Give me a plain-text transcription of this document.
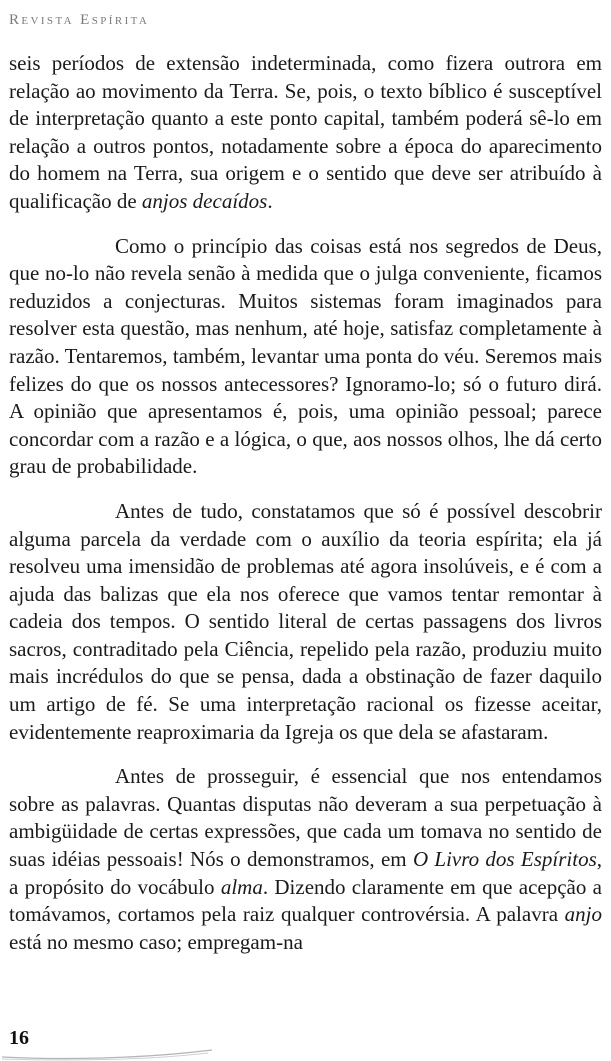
Revista Espírita

seis períodos de extensão indeterminada, como fizera outrora em relação ao movimento da Terra. Se, pois, o texto bíblico é susceptível de interpretação quanto a este ponto capital, também poderá sê-lo em relação a outros pontos, notadamente sobre a época do aparecimento do homem na Terra, sua origem e o sentido que deve ser atribuído à qualificação de anjos decaídos.

Como o princípio das coisas está nos segredos de Deus, que no-lo não revela senão à medida que o julga conveniente, ficamos reduzidos a conjecturas. Muitos sistemas foram imaginados para resolver esta questão, mas nenhum, até hoje, satisfaz completamente à razão. Tentaremos, também, levantar uma ponta do véu. Seremos mais felizes do que os nossos antecessores? Ignoramo-lo; só o futuro dirá. A opinião que apresentamos é, pois, uma opinião pessoal; parece concordar com a razão e a lógica, o que, aos nossos olhos, lhe dá certo grau de probabilidade.

Antes de tudo, constatamos que só é possível descobrir alguma parcela da verdade com o auxílio da teoria espírita; ela já resolveu uma imensidão de problemas até agora insolúveis, e é com a ajuda das balizas que ela nos oferece que vamos tentar remontar à cadeia dos tempos. O sentido literal de certas passagens dos livros sacros, contraditado pela Ciência, repelido pela razão, produziu muito mais incrédulos do que se pensa, dada a obstinação de fazer daquilo um artigo de fé. Se uma interpretação racional os fizesse aceitar, evidentemente reaproximaria da Igreja os que dela se afastaram.

Antes de prosseguir, é essencial que nos entendamos sobre as palavras. Quantas disputas não deveram a sua perpetuação à ambigüidade de certas expressões, que cada um tomava no sentido de suas idéias pessoais! Nós o demonstramos, em O Livro dos Espíritos, a propósito do vocábulo alma. Dizendo claramente em que acepção a tomávamos, cortamos pela raiz qualquer controvérsia. A palavra anjo está no mesmo caso; empregam-na

16
